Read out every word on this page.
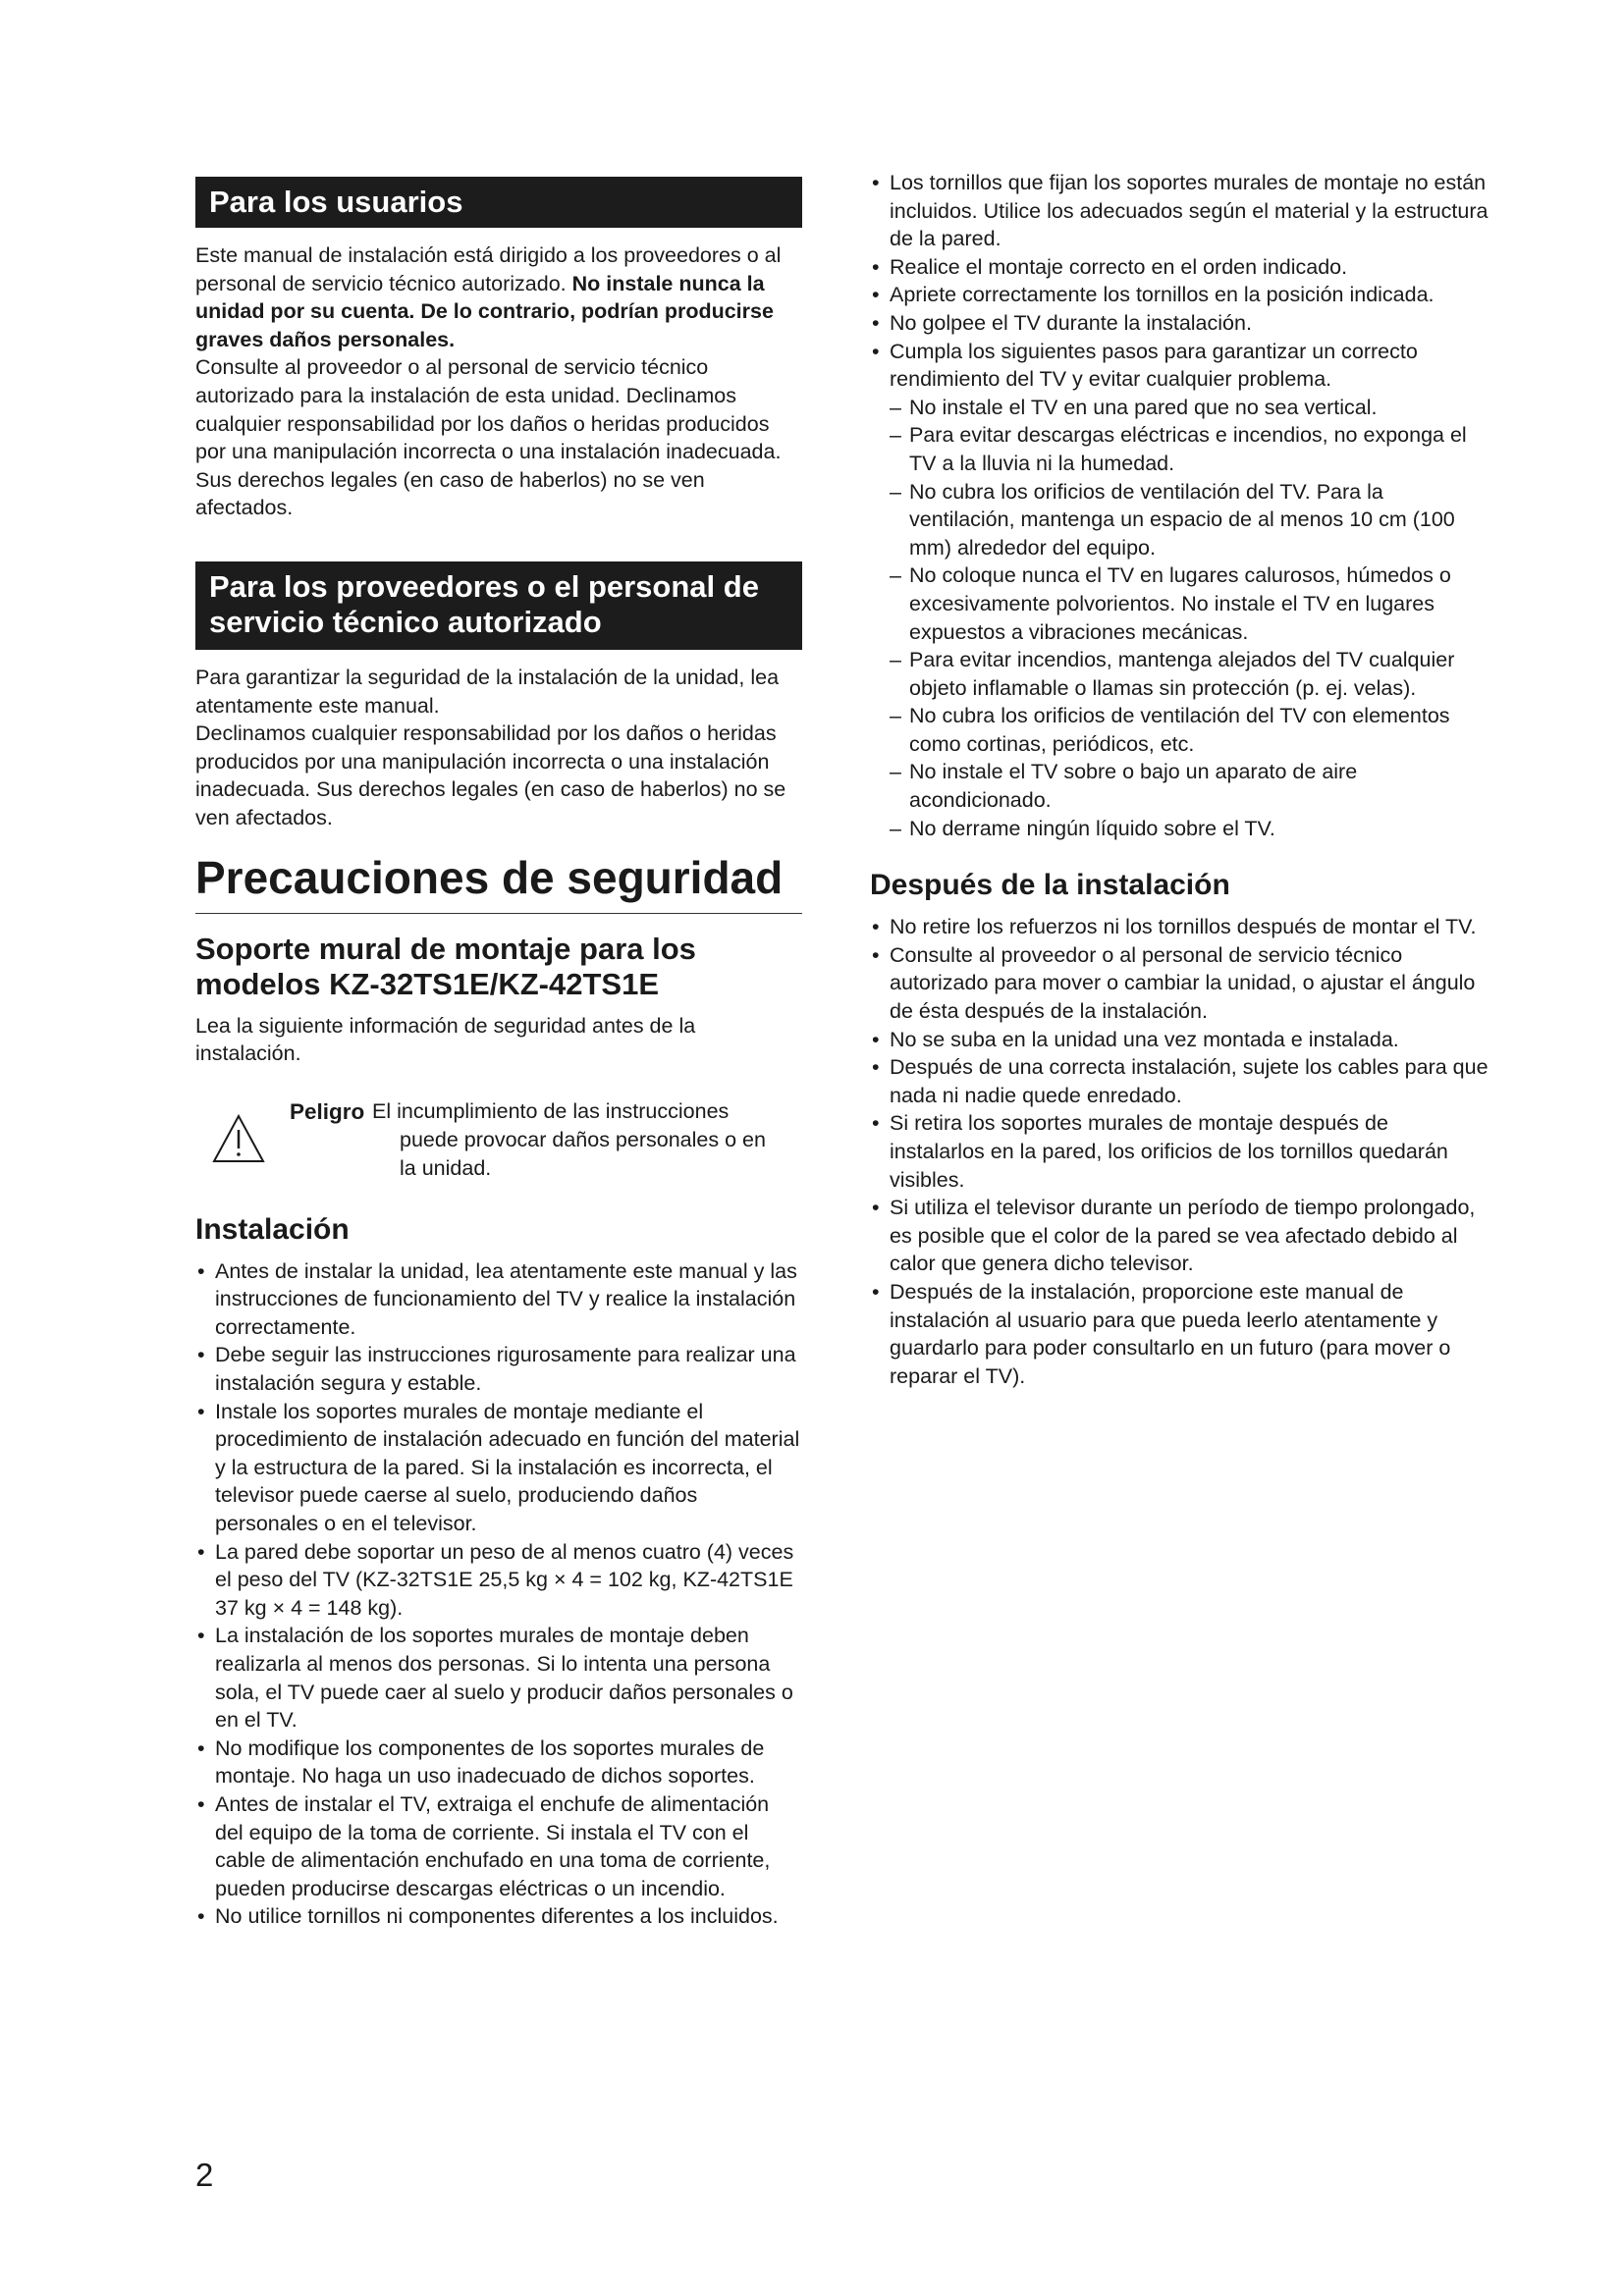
Para los usuarios

Este manual de instalación está dirigido a los proveedores o al personal de servicio técnico autorizado. No instale nunca la unidad por su cuenta. De lo contrario, podrían producirse graves daños personales.

Consulte al proveedor o al personal de servicio técnico autorizado para la instalación de esta unidad. Declinamos cualquier responsabilidad por los daños o heridas producidos por una manipulación incorrecta o una instalación inadecuada. Sus derechos legales (en caso de haberlos) no se ven afectados.

Para los proveedores o el personal de servicio técnico autorizado

Para garantizar la seguridad de la instalación de la unidad, lea atentamente este manual.

Declinamos cualquier responsabilidad por los daños o heridas producidos por una manipulación incorrecta o una instalación inadecuada. Sus derechos legales (en caso de haberlos) no se ven afectados.

Precauciones de seguridad
Soporte mural de montaje para los modelos KZ-32TS1E/KZ-42TS1E

Lea la siguiente información de seguridad antes de la instalación.

Peligro El incumplimiento de las instrucciones
puede provocar daños personales o en
la unidad.
Instalación
• Antes de instalar la unidad, lea atentamente este manual y las instrucciones de funcionamiento del TV y realice la instalación correctamente.
• Debe seguir las instrucciones rigurosamente para realizar una instalación segura y estable.
• Instale los soportes murales de montaje mediante el procedimiento de instalación adecuado en función del material y la estructura de la pared. Si la instalación es incorrecta, el televisor puede caerse al suelo, produciendo daños personales o en el televisor.
• La pared debe soportar un peso de al menos cuatro (4) veces el peso del TV (KZ-32TS1E 25,5 kg × 4 = 102 kg, KZ-42TS1E 37 kg × 4 = 148 kg).
• La instalación de los soportes murales de montaje deben realizarla al menos dos personas. Si lo intenta una persona sola, el TV puede caer al suelo y producir daños personales o en el TV.
• No modifique los componentes de los soportes murales de montaje. No haga un uso inadecuado de dichos soportes.
• Antes de instalar el TV, extraiga el enchufe de alimentación del equipo de la toma de corriente. Si instala el TV con el cable de alimentación enchufado en una toma de corriente, pueden producirse descargas eléctricas o un incendio.
• No utilice tornillos ni componentes diferentes a los incluidos.
• Los tornillos que fijan los soportes murales de montaje no están incluidos. Utilice los adecuados según el material y la estructura de la pared.
• Realice el montaje correcto en el orden indicado.
• Apriete correctamente los tornillos en la posición indicada.
• No golpee el TV durante la instalación.
• Cumpla los siguientes pasos para garantizar un correcto rendimiento del TV y evitar cualquier problema.
– No instale el TV en una pared que no sea vertical.
– Para evitar descargas eléctricas e incendios, no exponga el TV a la lluvia ni la humedad.
– No cubra los orificios de ventilación del TV. Para la ventilación, mantenga un espacio de al menos 10 cm (100 mm) alrededor del equipo.
– No coloque nunca el TV en lugares calurosos, húmedos o excesivamente polvorientos. No instale el TV en lugares expuestos a vibraciones mecánicas.
– Para evitar incendios, mantenga alejados del TV cualquier objeto inflamable o llamas sin protección (p. ej. velas).
– No cubra los orificios de ventilación del TV con elementos como cortinas, periódicos, etc.
– No instale el TV sobre o bajo un aparato de aire acondicionado.
– No derrame ningún líquido sobre el TV.
Después de la instalación
• No retire los refuerzos ni los tornillos después de montar el TV.
• Consulte al proveedor o al personal de servicio técnico autorizado para mover o cambiar la unidad, o ajustar el ángulo de ésta después de la instalación.
• No se suba en la unidad una vez montada e instalada.
• Después de una correcta instalación, sujete los cables para que nada ni nadie quede enredado.
• Si retira los soportes murales de montaje después de instalarlos en la pared, los orificios de los tornillos quedarán visibles.
• Si utiliza el televisor durante un período de tiempo prolongado, es posible que el color de la pared se vea afectado debido al calor que genera dicho televisor.
• Después de la instalación, proporcione este manual de instalación al usuario para que pueda leerlo atentamente y guardarlo para poder consultarlo en un futuro (para mover o reparar el TV).
2
